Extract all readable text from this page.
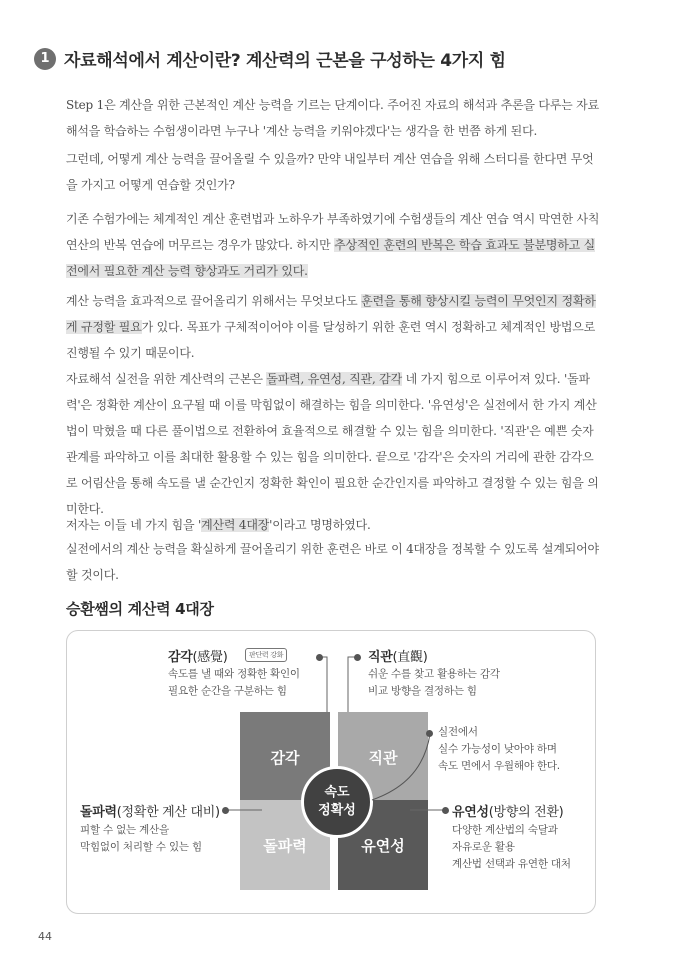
1 자료해석에서 계산이란? 계산력의 근본을 구성하는 4가지 힘

Step 1은 계산을 위한 근본적인 계산 능력을 기르는 단계이다. 주어진 자료의 해석과 추론을 다루는 자료해석을 학습하는 수험생이라면 누구나 '계산 능력을 키워야겠다'는 생각을 한 번쯤 하게 된다.

그런데, 어떻게 계산 능력을 끌어올릴 수 있을까? 만약 내일부터 계산 연습을 위해 스터디를 한다면 무엇을 가지고 어떻게 연습할 것인가?

기존 수험가에는 체계적인 계산 훈련법과 노하우가 부족하였기에 수험생들의 계산 연습 역시 막연한 사칙연산의 반복 연습에 머무르는 경우가 많았다. 하지만 추상적인 훈련의 반복은 학습 효과도 불분명하고 실전에서 필요한 계산 능력 향상과도 거리가 있다.

계산 능력을 효과적으로 끌어올리기 위해서는 무엇보다도 훈련을 통해 향상시킬 능력이 무엇인지 정확하게 규정할 필요가 있다. 목표가 구체적이어야 이를 달성하기 위한 훈련 역시 정확하고 체계적인 방법으로 진행될 수 있기 때문이다.

자료해석 실전을 위한 계산력의 근본은 돌파력, 유연성, 직관, 감각 네 가지 힘으로 이루어져 있다. '돌파력'은 정확한 계산이 요구될 때 이를 막힘없이 해결하는 힘을 의미한다. '유연성'은 실전에서 한 가지 계산법이 막혔을 때 다른 풀이법으로 전환하여 효율적으로 해결할 수 있는 힘을 의미한다. '직관'은 예쁜 숫자 관계를 파악하고 이를 최대한 활용할 수 있는 힘을 의미한다. 끝으로 '감각'은 숫자의 거리에 관한 감각으로 어림산을 통해 속도를 낼 순간인지 정확한 확인이 필요한 순간인지를 파악하고 결정할 수 있는 힘을 의미한다.

저자는 이들 네 가지 힘을 '계산력 4대장'이라고 명명하였다.

실전에서의 계산 능력을 확실하게 끌어올리기 위한 훈련은 바로 이 4대장을 정복할 수 있도록 설계되어야 할 것이다.

승환쌤의 계산력 4대장
감각	직관
돌파력	유연성
속도
정확성
감각(感覺)	판단력 강화
속도를 낼 때와 정확한 확인이
필요한 순간을 구분하는 힘
직관(直觀)
쉬운 수를 찾고 활용하는 감각
비교 방향을 결정하는 힘
실전에서
실수 가능성이 낮아야 하며
속도 면에서 우월해야 한다.
돌파력(정확한 계산 대비)
피할 수 없는 계산을
막힘없이 처리할 수 있는 힘
유연성(방향의 전환)
다양한 계산법의 숙달과
자유로운 활용
계산법 선택과 유연한 대처
44
